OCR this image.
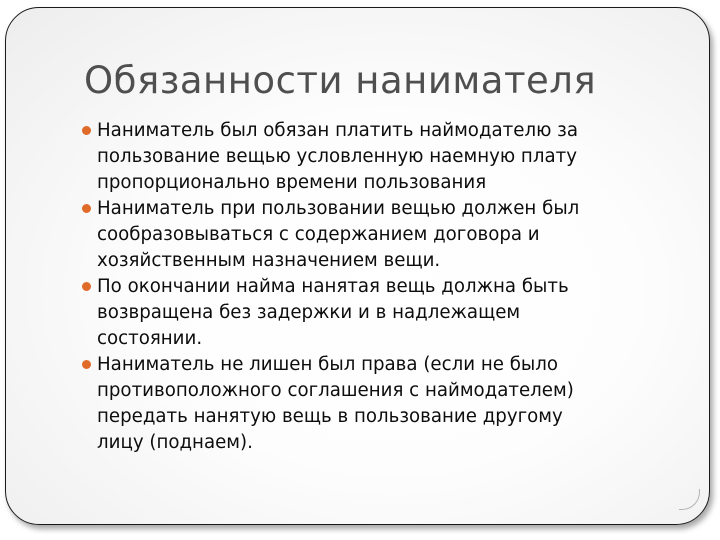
Обязанности нанимателя
Наниматель был обязан платить наймодателю за
пользование вещью условленную наемную плату
пропорционально времени пользования
Наниматель при пользовании вещью должен был
сообразовываться с содержанием договора и
хозяйственным назначением вещи.
По окончании найма нанятая вещь должна быть
возвращена без задержки и в надлежащем
состоянии.
Наниматель не лишен был права (если не было
противоположного соглашения с наймодателем)
передать нанятую вещь в пользование другому
лицу (поднаем).
